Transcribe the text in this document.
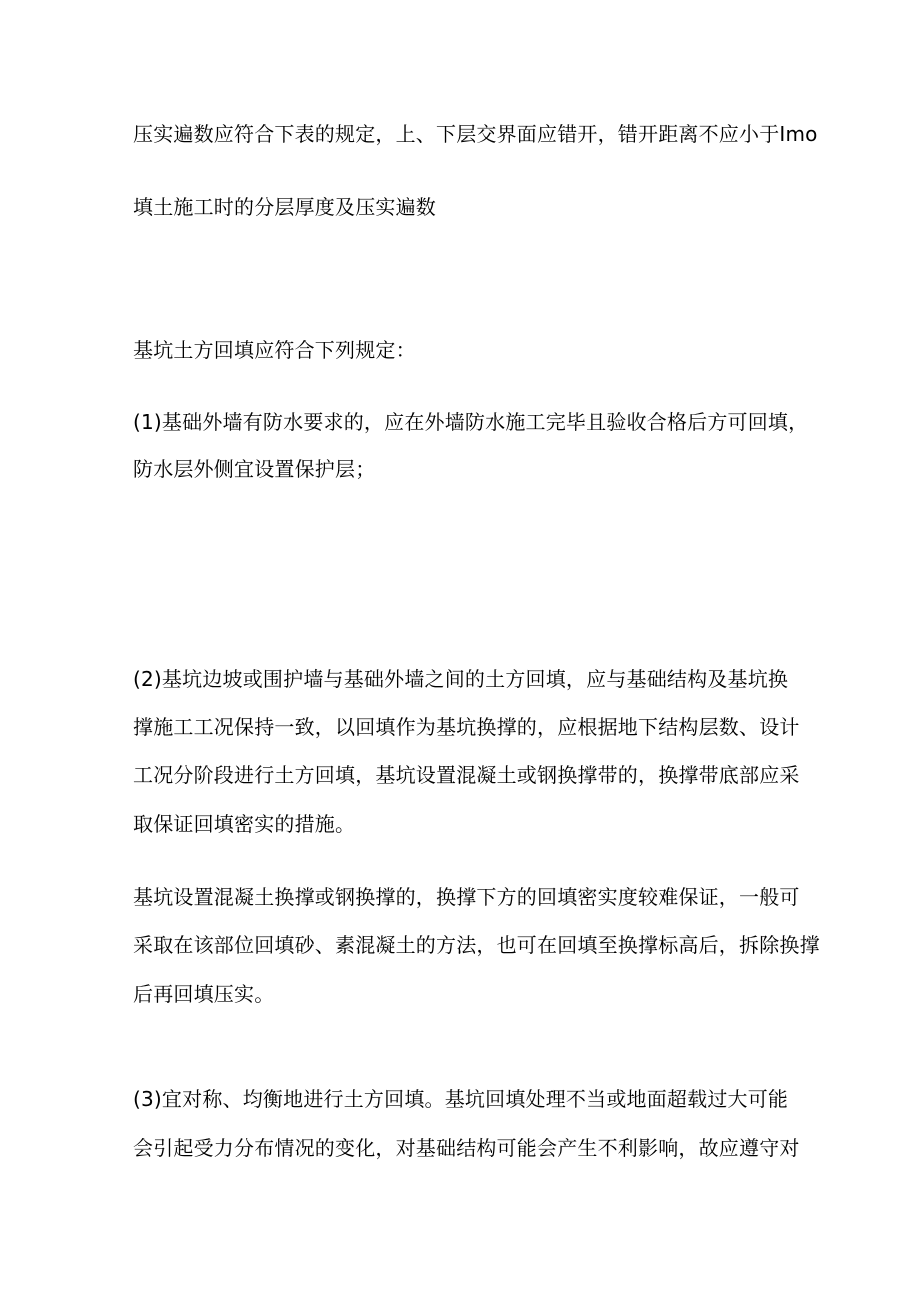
压实遍数应符合下表的规定，上、下层交界面应错开，错开距离不应小于Imo
填土施工时的分层厚度及压实遍数
基坑土方回填应符合下列规定：
(1)基础外墙有防水要求的，应在外墙防水施工完毕且验收合格后方可回填，
防水层外侧宜设置保护层；
(2)基坑边坡或围护墙与基础外墙之间的土方回填，应与基础结构及基坑换
撑施工工况保持一致，以回填作为基坑换撑的，应根据地下结构层数、设计
工况分阶段进行土方回填，基坑设置混凝土或钢换撑带的，换撑带底部应采
取保证回填密实的措施。
基坑设置混凝土换撑或钢换撑的，换撑下方的回填密实度较难保证，一般可
采取在该部位回填砂、素混凝土的方法，也可在回填至换撑标高后，拆除换撑
后再回填压实。
(3)宜对称、均衡地进行土方回填。基坑回填处理不当或地面超载过大可能
会引起受力分布情况的变化，对基础结构可能会产生不利影响，故应遵守对
